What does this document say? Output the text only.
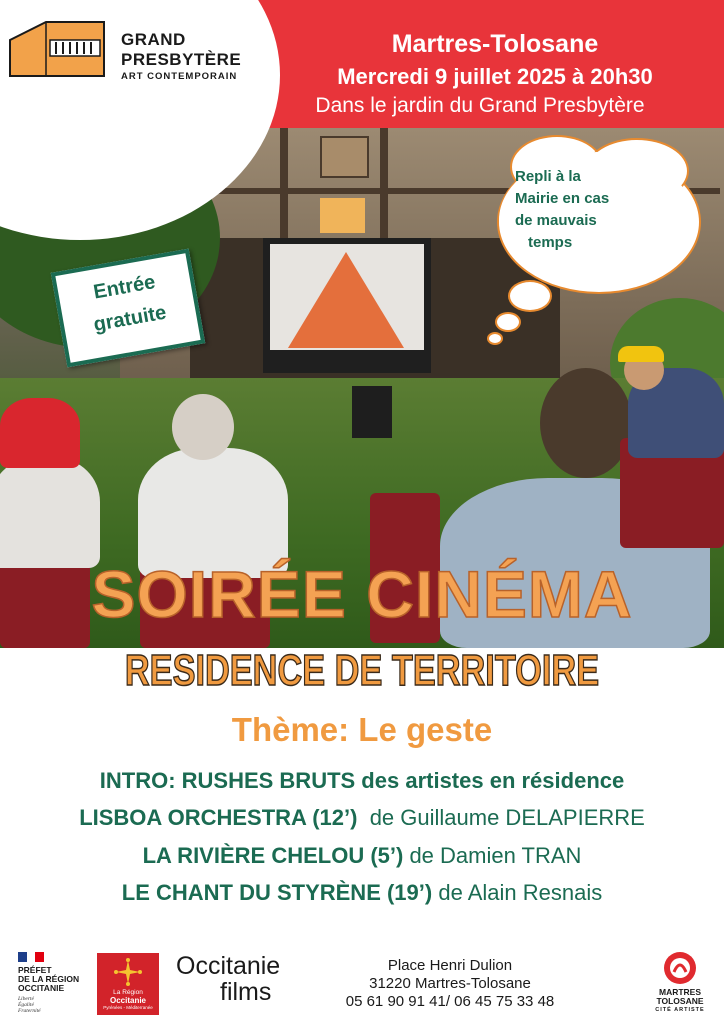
GRAND
PRESBYTÈRE
ART CONTEMPORAIN
Martres-Tolosane
Mercredi 9 juillet 2025 à 20h30
Dans le jardin du Grand Presbytère
Entrée
gratuite
Repli à la
Mairie en cas
de mauvais
temps
SOIRÉE CINÉMA
RESIDENCE DE TERRITOIRE
Thème: Le geste
INTRO: RUSHES BRUTS des artistes en résidence
LISBOA ORCHESTRA (12’)  de Guillaume DELAPIERRE
LA RIVIÈRE CHELOU (5’) de Damien TRAN
LE CHANT DU STYRÈNE (19’) de Alain Resnais
PRÉFET
DE LA RÉGION
OCCITANIE
Liberté
Égalité
Fraternité
La Région
Occitanie
Pyrénées - Méditerranée
Occitanie
films
Place Henri Dulion
31220 Martres-Tolosane
05 61 90 91 41/ 06 45 75 33 48
MARTRES
TOLOSANE
CITÉ ARTISTE
